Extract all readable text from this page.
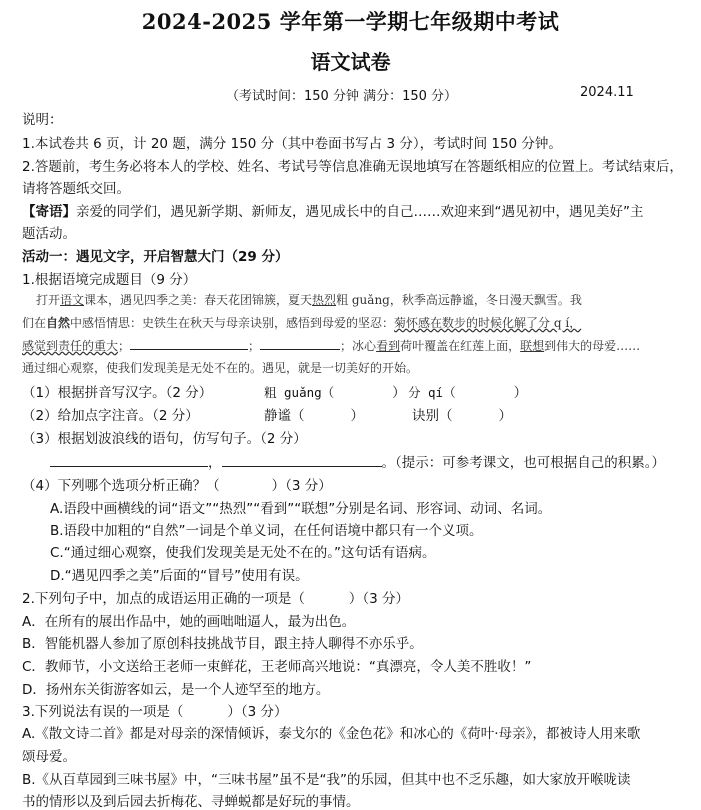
2024-2025 学年第一学期七年级期中考试
语文试卷
（考试时间：150 分钟 满分：150 分）	2024.11
说明：
1.本试卷共 6 页，计 20 题，满分 150 分（其中卷面书写占 3 分），考试时间 150 分钟。
2.答题前，考生务必将本人的学校、姓名、考试号等信息准确无误地填写在答题纸相应的位置上。考试结束后，
请将答题纸交回。
【寄语】亲爱的同学们，遇见新学期、新师友，遇见成长中的自己……欢迎来到“遇见初中，遇见美好”主
题活动。
活动一：遇见文字，开启智慧大门（29 分）
1.根据语境完成题目（9 分）
打开语文课本，遇见四季之美：春天花团锦簇，夏天热烈粗 guǎng，秋季高远静谧，冬日漫天飘雪。我
们在自然中感悟情思：史铁生在秋天与母亲诀别，感悟到母爱的坚忍：菊怀感在数步的时候化解了分 q í，
感觉到责任的重大；	；	；冰心看到荷叶覆盖在红莲上面，联想到伟大的母爱……
通过细心观察，使我们发现美是无处不在的。遇见，就是一切美好的开始。
（1）根据拼音写汉字。（2 分）	粗 guǎng（	） 分 qí（	）
（2）给加点字注音。（2 分）	静谧（	）	诀别（	）
（3）根据划波浪线的语句，仿写句子。（2 分）
，	。（提示：可参考课文，也可根据自己的积累。）
（4）下列哪个选项分析正确？（	）（3 分）
A.语段中画横线的词“语文”“热烈”“看到”“联想”分别是名词、形容词、动词、名词。
B.语段中加粗的“自然”一词是个单义词，在任何语境中都只有一个义项。
C.“通过细心观察，使我们发现美是无处不在的。”这句话有语病。
D.“遇见四季之美”后面的“冒号”使用有误。
2.下列句子中，加点的成语运用正确的一项是（	）（3 分）
A．在所有的展出作品中，她的画咄咄逼人，最为出色。
B．智能机器人参加了原创科技挑战节目，跟主持人聊得不亦乐乎。
C．教师节，小文送给王老师一束鲜花，王老师高兴地说：“真漂亮，令人美不胜收！”
D．扬州东关街游客如云，是一个人迹罕至的地方。
3.下列说法有误的一项是（	）（3 分）
A.《散文诗二首》都是对母亲的深情倾诉，泰戈尔的《金色花》和冰心的《荷叶·母亲》，都被诗人用来歌
颂母爱。
B.《从百草园到三味书屋》中，“三味书屋”虽不是“我”的乐园，但其中也不乏乐趣，如大家放开喉咙读
书的情形以及到后园去折梅花、寻蝉蜕都是好玩的事情。
